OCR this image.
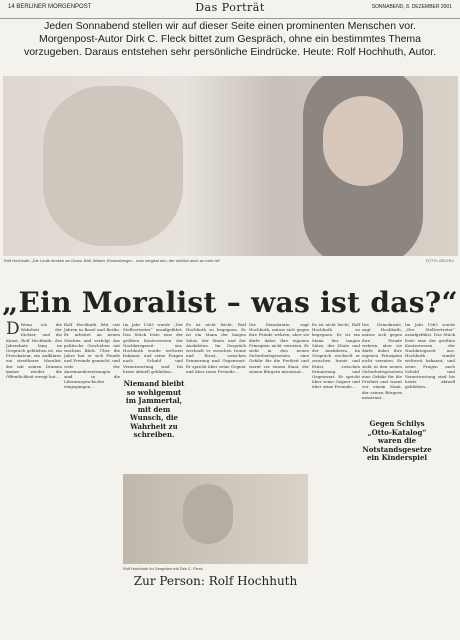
14 BERLINER MORGENPOST	Das Porträt	SONNABEND, 8. DEZEMBER 2001
Jeden Sonnabend stellen wir auf dieser Seite einen prominenten Menschen vor. Morgenpost-Autor Dirk C. Fleck bittet zum Gespräch, ohne ein bestimmtes Thema vorzugeben. Daraus entstehen sehr persönliche Eindrücke. Heute: Rolf Hochhuth, Autor.
Rolf Hochhuth: „Die Leute denken an Grass, Böll, Walser, Enzensberger... man vergisst den, der wirklich auch an mich ist“	FOTO: ARCHIV
„Ein Moralist – was ist das?“
D Wenn ich die Wahrheit der Dichter, und die Kunst, Rolf Hochhuth, des Jahrzehnte lang im Gespräch geblieben ist, ein Provokateur, ein Aufklärer, ein streitbarer Moralist, der mit seinen Dramen immer wieder die Öffentlichkeit erregt hat...
Rolf Hochhuth lebt seit Jahren in Basel und Berlin. Er arbeitet an neuen Stücken und verfolgt das politische Geschehen mit wachem Blick. Über die Jahre hat er sich Feinde und Freunde gemacht, und viele der Auseinandersetzungen sind in die Literaturgeschichte eingegangen...
Im Jahr 1963 wurde „Der Stellvertreter“ uraufgeführt. Das Stück löste eine der größten Kontroversen der Nachkriegszeit aus. Hochhuth wurde weltweit bekannt, und seine Fragen nach Schuld und Verantwortung sind bis heute aktuell geblieben...
Niemand bleibt so wohlgemut im Jammertal, mit dem Wunsch, die Wahrheit zu schreiben.
Es ist nicht leicht, Rolf Hochhuth zu begegnen. Er ist ein Mann der langen Sätze, der Zitate und der Anekdoten. Im Gespräch wechselt er zwischen Ironie und Ernst, zwischen Erinnerung und Gegenwart. Er spricht über seine Gegner und über seine Freunde...
Die Demokratie, sagt Hochhuth, müsse sich gegen ihre Feinde wehren, aber sie dürfe dabei ihre eigenen Prinzipien nicht verraten. Er sieht in den neuen Sicherheitsgesetzen eine Gefahr für die Freiheit und warnt vor einem Staat, der seinen Bürgern misstraut...
Es ist nicht leicht, Rolf Hochhuth zu begegnen. Er ist ein Mann der langen Sätze, der Zitate und der Anekdoten. Im Gespräch wechselt er zwischen Ironie und Ernst, zwischen Erinnerung und Gegenwart. Er spricht über seine Gegner und über seine Freunde...
Die Demokratie, sagt Hochhuth, müsse sich gegen ihre Feinde wehren, aber sie dürfe dabei ihre eigenen Prinzipien nicht verraten. Er sieht in den neuen Sicherheitsgesetzen eine Gefahr für die Freiheit und warnt vor einem Staat, der seinen Bürgern misstraut...
Gegen Schilys „Otto-Katalog“ waren die Notstandsgesetze ein Kinderspiel
Im Jahr 1963 wurde „Der Stellvertreter“ uraufgeführt. Das Stück löste eine der größten Kontroversen der Nachkriegszeit aus. Hochhuth wurde weltweit bekannt, und seine Fragen nach Schuld und Verantwortung sind bis heute aktuell geblieben...
Rolf Hochhuth im Gespräch mit Dirk C. Fleck.
Zur Person: Rolf Hochhuth
